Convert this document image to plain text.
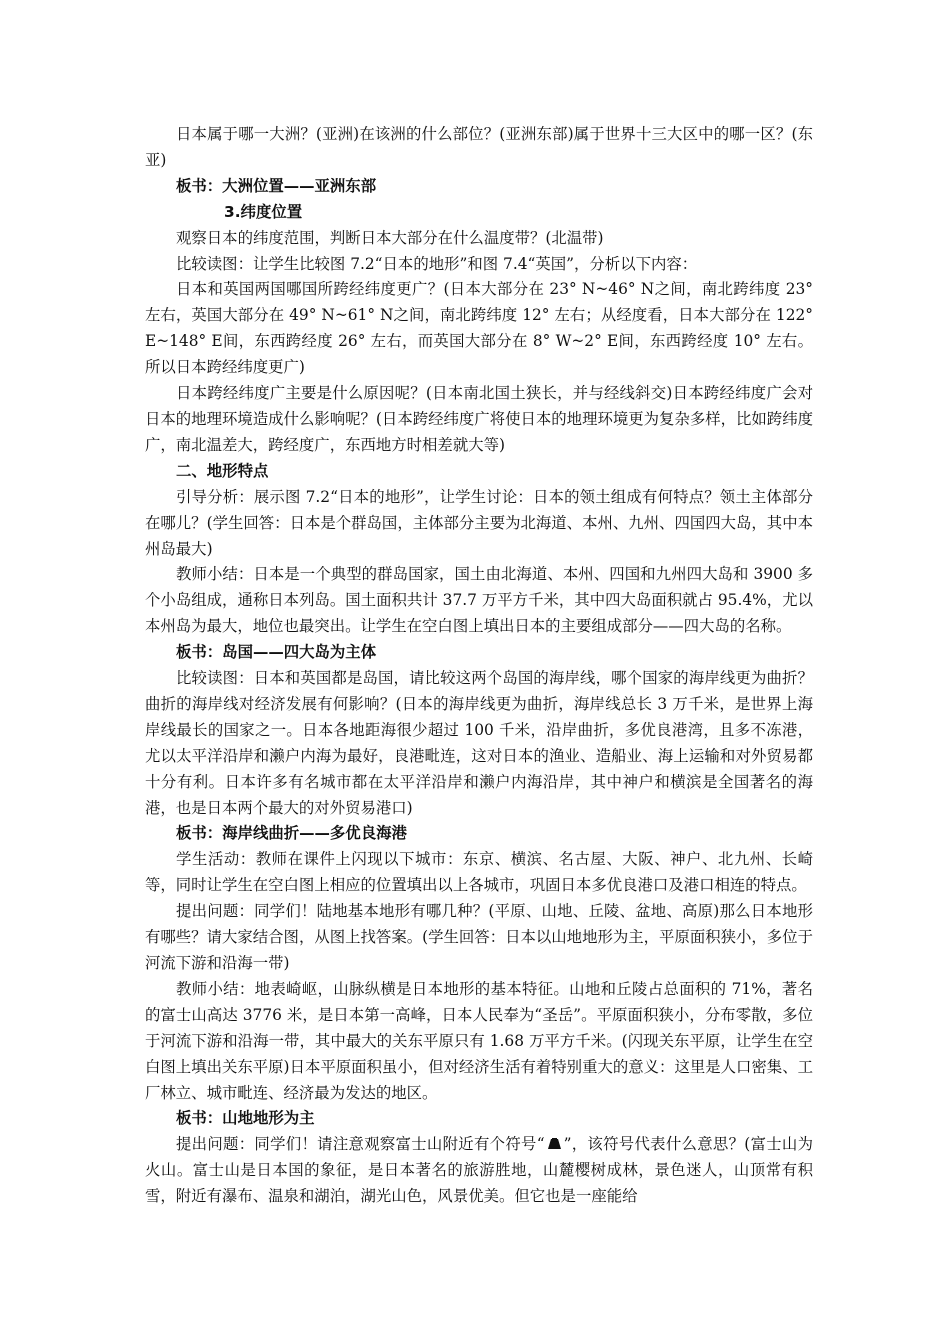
日本属于哪一大洲？(亚洲)在该洲的什么部位？(亚洲东部)属于世界十三大区中的哪一区？(东亚)

板书：大洲位置——亚洲东部

3.纬度位置

观察日本的纬度范围，判断日本大部分在什么温度带？(北温带)

比较读图：让学生比较图 7.2“日本的地形”和图 7.4“英国”，分析以下内容：

日本和英国两国哪国所跨经纬度更广？(日本大部分在 23° N~46° N之间，南北跨纬度 23° 左右，英国大部分在 49° N~61° N之间，南北跨纬度 12° 左右；从经度看，日本大部分在 122° E~148° E间，东西跨经度 26° 左右，而英国大部分在 8° W~2° E间，东西跨经度 10° 左右。所以日本跨经纬度更广)

日本跨经纬度广主要是什么原因呢？(日本南北国土狭长，并与经线斜交)日本跨经纬度广会对日本的地理环境造成什么影响呢？(日本跨经纬度广将使日本的地理环境更为复杂多样，比如跨纬度广，南北温差大，跨经度广，东西地方时相差就大等)

二、地形特点

引导分析：展示图 7.2“日本的地形”，让学生讨论：日本的领土组成有何特点？领土主体部分在哪儿？(学生回答：日本是个群岛国，主体部分主要为北海道、本州、九州、四国四大岛，其中本州岛最大)

教师小结：日本是一个典型的群岛国家，国土由北海道、本州、四国和九州四大岛和 3900 多个小岛组成，通称日本列岛。国土面积共计 37.7 万平方千米，其中四大岛面积就占 95.4%，尤以本州岛为最大，地位也最突出。让学生在空白图上填出日本的主要组成部分——四大岛的名称。

板书：岛国——四大岛为主体

比较读图：日本和英国都是岛国，请比较这两个岛国的海岸线，哪个国家的海岸线更为曲折？曲折的海岸线对经济发展有何影响？(日本的海岸线更为曲折，海岸线总长 3 万千米，是世界上海岸线最长的国家之一。日本各地距海很少超过 100 千米，沿岸曲折，多优良港湾，且多不冻港，尤以太平洋沿岸和濑户内海为最好，良港毗连，这对日本的渔业、造船业、海上运输和对外贸易都十分有利。日本许多有名城市都在太平洋沿岸和濑户内海沿岸，其中神户和横滨是全国著名的海港，也是日本两个最大的对外贸易港口)

板书：海岸线曲折——多优良海港

学生活动：教师在课件上闪现以下城市：东京、横滨、名古屋、大阪、神户、北九州、长崎等，同时让学生在空白图上相应的位置填出以上各城市，巩固日本多优良港口及港口相连的特点。

提出问题：同学们！陆地基本地形有哪几种？(平原、山地、丘陵、盆地、高原)那么日本地形有哪些？请大家结合图，从图上找答案。(学生回答：日本以山地地形为主，平原面积狭小，多位于河流下游和沿海一带)

教师小结：地表崎岖，山脉纵横是日本地形的基本特征。山地和丘陵占总面积的 71%，著名的富士山高达 3776 米，是日本第一高峰，日本人民奉为“圣岳”。平原面积狭小，分布零散，多位于河流下游和沿海一带，其中最大的关东平原只有 1.68 万平方千米。(闪现关东平原，让学生在空白图上填出关东平原)日本平原面积虽小，但对经济生活有着特别重大的意义：这里是人口密集、工厂林立、城市毗连、经济最为发达的地区。

板书：山地地形为主

提出问题：同学们！请注意观察富士山附近有个符号“ ”，该符号代表什么意思？(富士山为火山。富士山是日本国的象征，是日本著名的旅游胜地，山麓樱树成林，景色迷人，山顶常有积雪，附近有瀑布、温泉和湖泊，湖光山色，风景优美。但它也是一座能给
